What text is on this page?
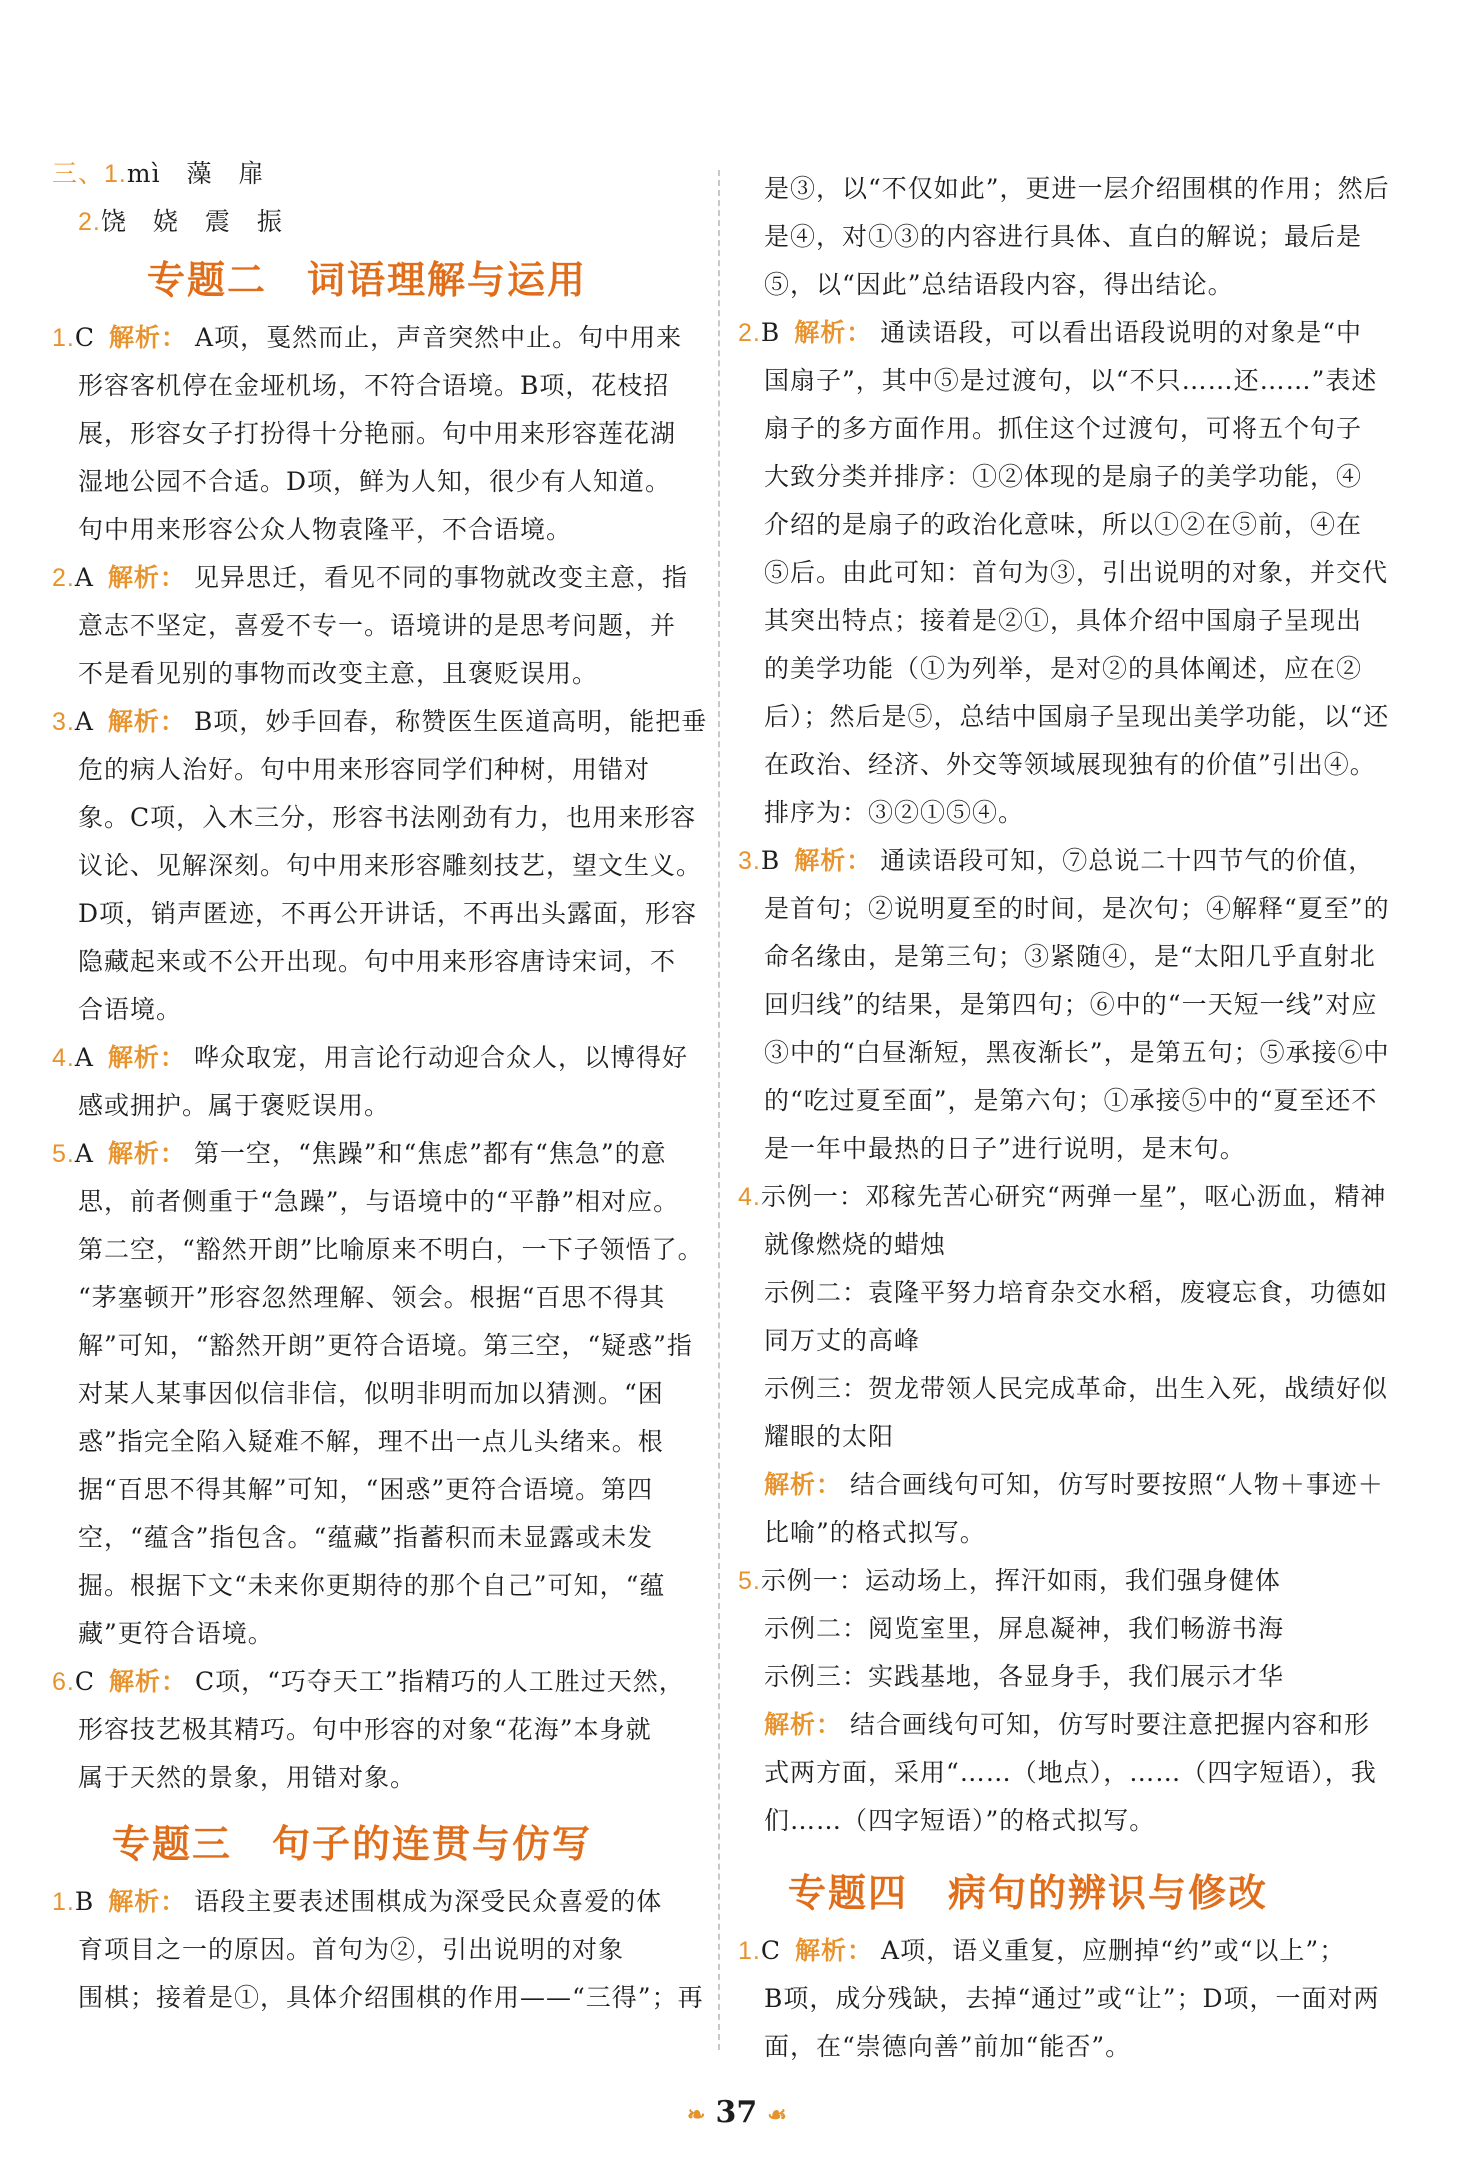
三、1.mì　藻　扉
2.饶　娆　震　振
专题二　词语理解与运用
1.C 解析： A项，戛然而止，声音突然中止。句中用来
形容客机停在金垭机场，不符合语境。B项，花枝招
展，形容女子打扮得十分艳丽。句中用来形容莲花湖
湿地公园不合适。D项，鲜为人知，很少有人知道。
句中用来形容公众人物袁隆平，不合语境。
2.A 解析： 见异思迁，看见不同的事物就改变主意，指
意志不坚定，喜爱不专一。语境讲的是思考问题，并
不是看见别的事物而改变主意，且褒贬误用。
3.A 解析： B项，妙手回春，称赞医生医道高明，能把垂
危的病人治好。句中用来形容同学们种树，用错对
象。C项，入木三分，形容书法刚劲有力，也用来形容
议论、见解深刻。句中用来形容雕刻技艺，望文生义。
D项，销声匿迹，不再公开讲话，不再出头露面，形容
隐藏起来或不公开出现。句中用来形容唐诗宋词，不
合语境。
4.A 解析： 哗众取宠，用言论行动迎合众人，以博得好
感或拥护。属于褒贬误用。
5.A 解析： 第一空，“焦躁”和“焦虑”都有“焦急”的意
思，前者侧重于“急躁”，与语境中的“平静”相对应。
第二空，“豁然开朗”比喻原来不明白，一下子领悟了。
“茅塞顿开”形容忽然理解、领会。根据“百思不得其
解”可知，“豁然开朗”更符合语境。第三空，“疑惑”指
对某人某事因似信非信，似明非明而加以猜测。“困
惑”指完全陷入疑难不解，理不出一点儿头绪来。根
据“百思不得其解”可知，“困惑”更符合语境。第四
空，“蕴含”指包含。“蕴藏”指蓄积而未显露或未发
掘。根据下文“未来你更期待的那个自己”可知，“蕴
藏”更符合语境。
6.C 解析： C项，“巧夺天工”指精巧的人工胜过天然，
形容技艺极其精巧。句中形容的对象“花海”本身就
属于天然的景象，用错对象。
专题三　句子的连贯与仿写
1.B 解析： 语段主要表述围棋成为深受民众喜爱的体
育项目之一的原因。首句为②，引出说明的对象
围棋；接着是①，具体介绍围棋的作用——“三得”；再
是③，以“不仅如此”，更进一层介绍围棋的作用；然后
是④，对①③的内容进行具体、直白的解说；最后是
⑤，以“因此”总结语段内容，得出结论。
2.B 解析： 通读语段，可以看出语段说明的对象是“中
国扇子”，其中⑤是过渡句，以“不只……还……”表述
扇子的多方面作用。抓住这个过渡句，可将五个句子
大致分类并排序：①②体现的是扇子的美学功能，④
介绍的是扇子的政治化意味，所以①②在⑤前，④在
⑤后。由此可知：首句为③，引出说明的对象，并交代
其突出特点；接着是②①，具体介绍中国扇子呈现出
的美学功能（①为列举，是对②的具体阐述，应在②
后）；然后是⑤，总结中国扇子呈现出美学功能，以“还
在政治、经济、外交等领域展现独有的价值”引出④。
排序为：③②①⑤④。
3.B 解析： 通读语段可知，⑦总说二十四节气的价值，
是首句；②说明夏至的时间，是次句；④解释“夏至”的
命名缘由，是第三句；③紧随④，是“太阳几乎直射北
回归线”的结果，是第四句；⑥中的“一天短一线”对应
③中的“白昼渐短，黑夜渐长”，是第五句；⑤承接⑥中
的“吃过夏至面”，是第六句；①承接⑤中的“夏至还不
是一年中最热的日子”进行说明，是末句。
4.示例一：邓稼先苦心研究“两弹一星”，呕心沥血，精神
就像燃烧的蜡烛
示例二：袁隆平努力培育杂交水稻，废寝忘食，功德如
同万丈的高峰
示例三：贺龙带领人民完成革命，出生入死，战绩好似
耀眼的太阳
解析： 结合画线句可知，仿写时要按照“人物＋事迹＋
比喻”的格式拟写。
5.示例一：运动场上，挥汗如雨，我们强身健体
示例二：阅览室里，屏息凝神，我们畅游书海
示例三：实践基地，各显身手，我们展示才华
解析： 结合画线句可知，仿写时要注意把握内容和形
式两方面，采用“……（地点），……（四字短语），我
们……（四字短语）”的格式拟写。
专题四　病句的辨识与修改
1.C 解析： A项，语义重复，应删掉“约”或“以上”；
B项，成分残缺，去掉“通过”或“让”；D项，一面对两
面，在“崇德向善”前加“能否”。
❧ 37 ☙
